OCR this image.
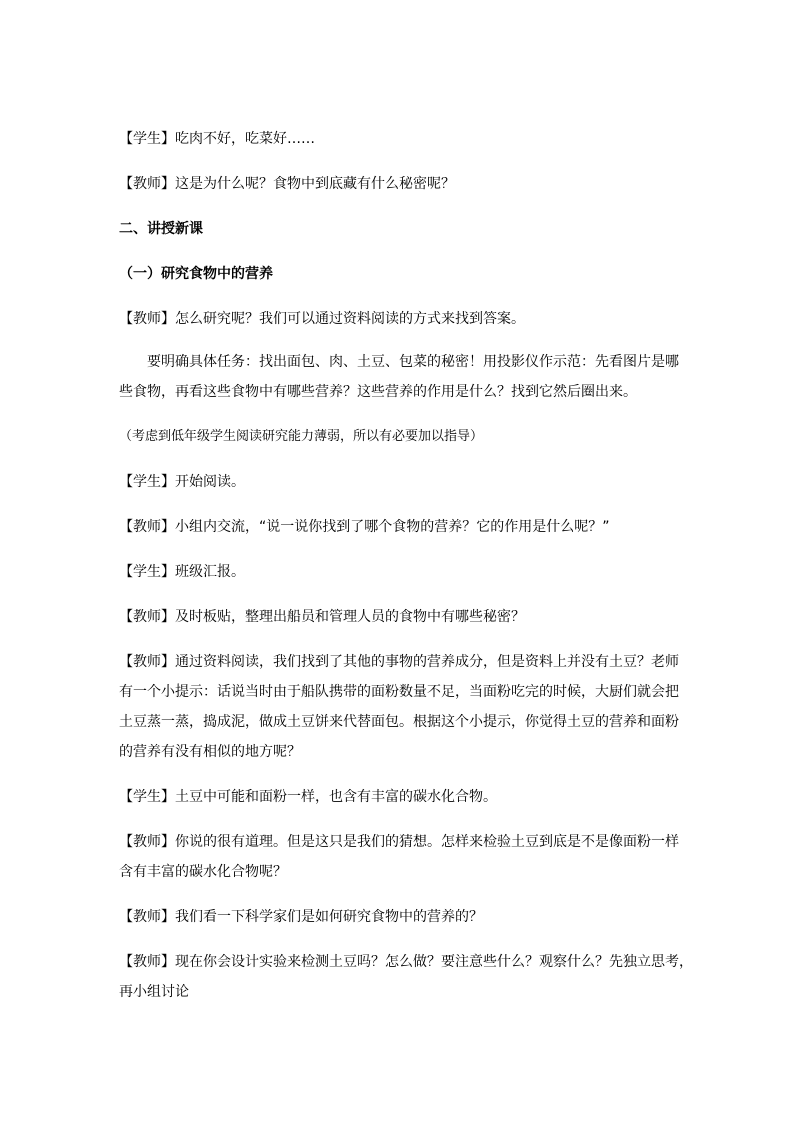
【学生】吃肉不好，吃菜好……
【教师】这是为什么呢？食物中到底藏有什么秘密呢？
二、讲授新课
（一）研究食物中的营养
【教师】怎么研究呢？我们可以通过资料阅读的方式来找到答案。
要明确具体任务：找出面包、肉、土豆、包菜的秘密！用投影仪作示范：先看图片是哪
些食物，再看这些食物中有哪些营养？这些营养的作用是什么？找到它然后圈出来。
（考虑到低年级学生阅读研究能力薄弱，所以有必要加以指导）
【学生】开始阅读。
【教师】小组内交流，“说一说你找到了哪个食物的营养？它的作用是什么呢？”
【学生】班级汇报。
【教师】及时板贴，整理出船员和管理人员的食物中有哪些秘密？
【教师】通过资料阅读，我们找到了其他的事物的营养成分，但是资料上并没有土豆？老师
有一个小提示：话说当时由于船队携带的面粉数量不足，当面粉吃完的时候，大厨们就会把
土豆蒸一蒸，捣成泥，做成土豆饼来代替面包。根据这个小提示，你觉得土豆的营养和面粉
的营养有没有相似的地方呢？
【学生】土豆中可能和面粉一样，也含有丰富的碳水化合物。
【教师】你说的很有道理。但是这只是我们的猜想。怎样来检验土豆到底是不是像面粉一样
含有丰富的碳水化合物呢？
【教师】我们看一下科学家们是如何研究食物中的营养的？
【教师】现在你会设计实验来检测土豆吗？怎么做？要注意些什么？观察什么？先独立思考，
再小组讨论
